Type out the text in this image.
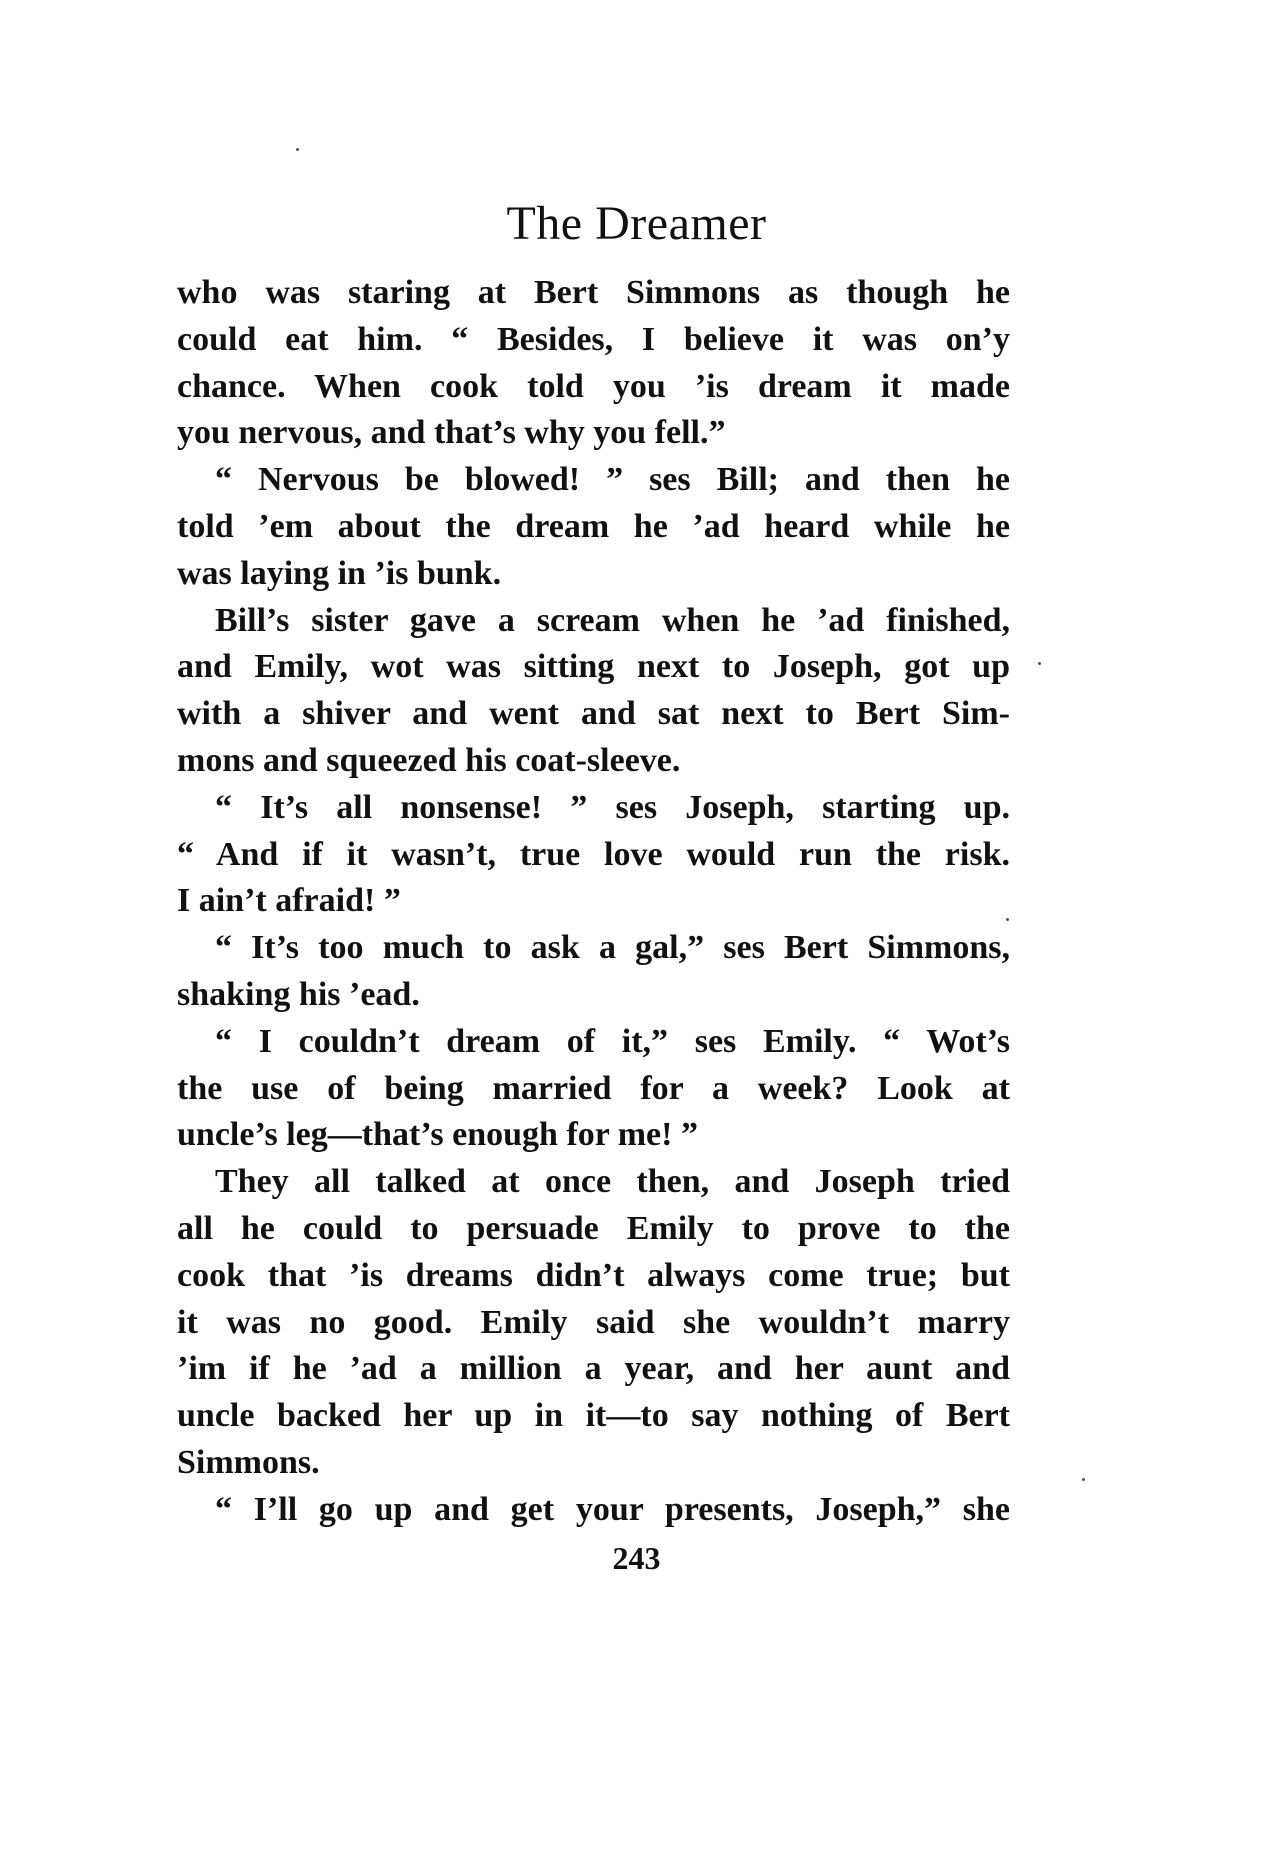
The Dreamer
who was staring at Bert Simmons as though he
could eat him. “ Besides, I believe it was on’y
chance. When cook told you ’is dream it made
you nervous, and that’s why you fell.”
“ Nervous be blowed! ” ses Bill; and then he
told ’em about the dream he ’ad heard while he
was laying in ’is bunk.
Bill’s sister gave a scream when he ’ad finished,
and Emily, wot was sitting next to Joseph, got up
with a shiver and went and sat next to Bert Sim-
mons and squeezed his coat-sleeve.
“ It’s all nonsense! ” ses Joseph, starting up.
“ And if it wasn’t, true love would run the risk.
I ain’t afraid! ”
“ It’s too much to ask a gal,” ses Bert Simmons,
shaking his ’ead.
“ I couldn’t dream of it,” ses Emily. “ Wot’s
the use of being married for a week? Look at
uncle’s leg—that’s enough for me! ”
They all talked at once then, and Joseph tried
all he could to persuade Emily to prove to the
cook that ’is dreams didn’t always come true; but
it was no good. Emily said she wouldn’t marry
’im if he ’ad a million a year, and her aunt and
uncle backed her up in it—to say nothing of Bert
Simmons.
“ I’ll go up and get your presents, Joseph,” she
243
